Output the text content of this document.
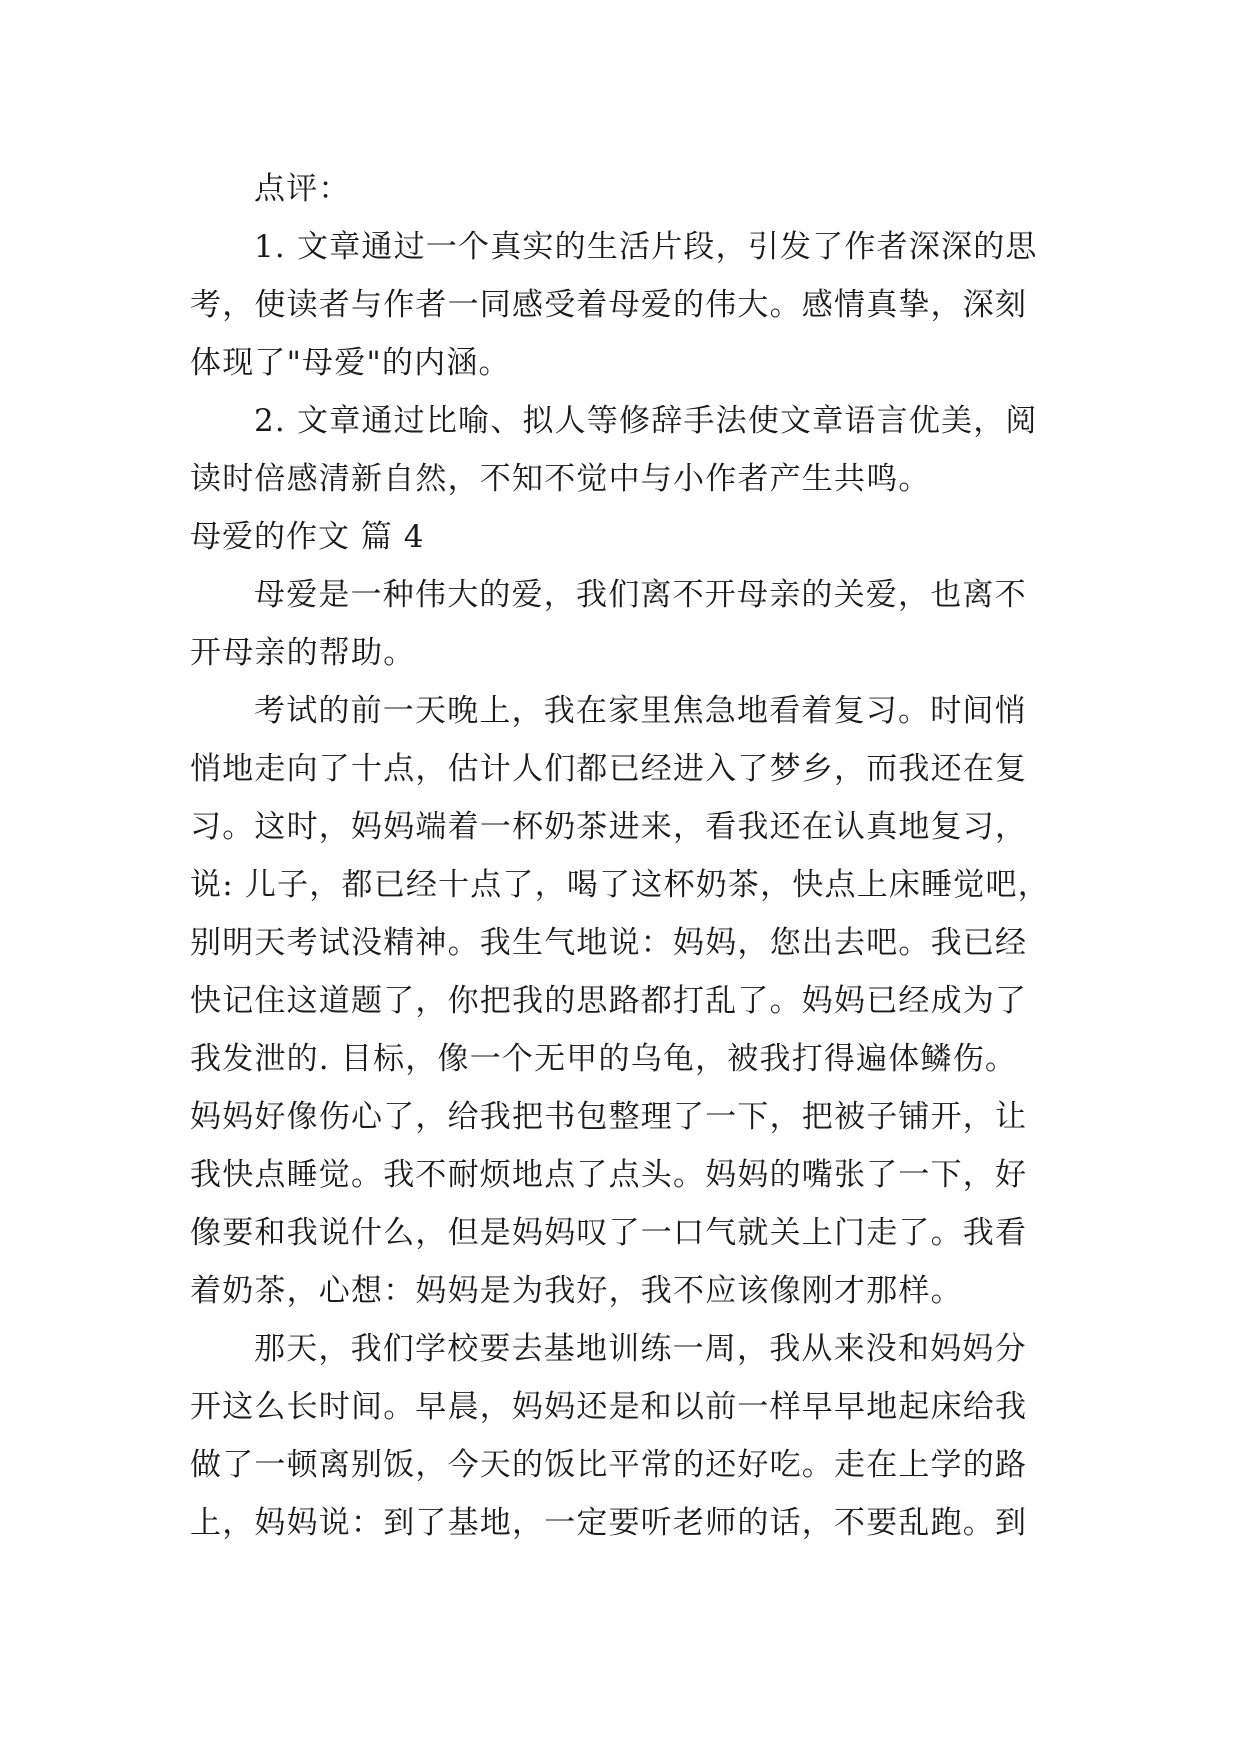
点评：
1. 文章通过一个真实的生活片段，引发了作者深深的思
考，使读者与作者一同感受着母爱的伟大。感情真挚，深刻
体现了"母爱"的内涵。
2. 文章通过比喻、拟人等修辞手法使文章语言优美，阅
读时倍感清新自然，不知不觉中与小作者产生共鸣。
母爱的作文 篇 4
母爱是一种伟大的爱，我们离不开母亲的关爱，也离不
开母亲的帮助。
考试的前一天晚上，我在家里焦急地看着复习。时间悄
悄地走向了十点，估计人们都已经进入了梦乡，而我还在复
习。这时，妈妈端着一杯奶茶进来，看我还在认真地复习，
说: 儿子，都已经十点了，喝了这杯奶茶，快点上床睡觉吧，
别明天考试没精神。我生气地说：妈妈，您出去吧。我已经
快记住这道题了，你把我的思路都打乱了。妈妈已经成为了
我发泄的. 目标，像一个无甲的乌龟，被我打得遍体鳞伤。
妈妈好像伤心了，给我把书包整理了一下，把被子铺开，让
我快点睡觉。我不耐烦地点了点头。妈妈的嘴张了一下，好
像要和我说什么，但是妈妈叹了一口气就关上门走了。我看
着奶茶，心想：妈妈是为我好，我不应该像刚才那样。
那天，我们学校要去基地训练一周，我从来没和妈妈分
开这么长时间。早晨，妈妈还是和以前一样早早地起床给我
做了一顿离别饭，今天的饭比平常的还好吃。走在上学的路
上，妈妈说：到了基地，一定要听老师的话，不要乱跑。到
